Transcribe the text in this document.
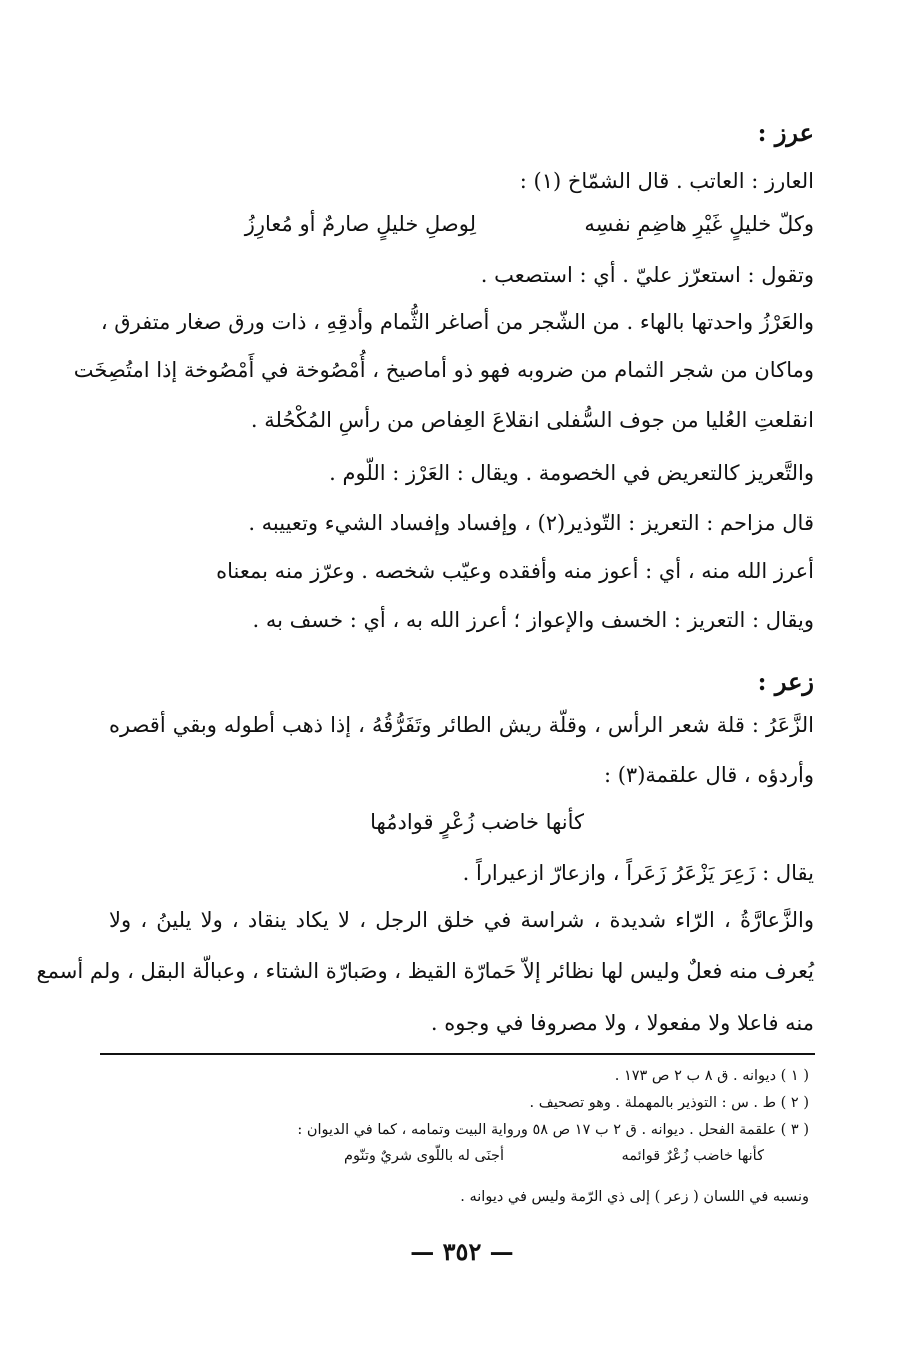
عرز :
العارز : العاتب . قال الشمّاخ (١) :
وكلّ خليلٍ غَيْرِ هاضِمِ نفسِه
لِوصلِ خليلٍ صارمٌ أو مُعارِزُ
وتقول : استعرّز عليّ . أي : استصعب .
والعَرْزُ واحدتها بالهاء . من الشّجر من أصاغر الثُّمام وأدقِهِ ، ذات ورق صغار متفرق ،
وماكان من شجر الثمام من ضروبه فهو ذو أماصيخ ، أُمْصُوخة في أَمْصُوخة إذا امتُصِخَت
انقلعتِ العُليا من جوف السُّفلى انقلاعَ العِفاص من رأسِ المُكْحُلة .
والتَّعريز كالتعريض في الخصومة . ويقال : العَرْز : اللّوم .
قال مزاحم : التعريز : التّوذير(٢) ، وإفساد وإفساد الشيء وتعييبه .
أعرز الله منه ، أي : أعوز منه وأفقده وعيّب شخصه . وعرّز منه بمعناه
ويقال : التعريز : الخسف والإعواز ؛ أعرز الله به ، أي : خسف به .
زعر :
الزَّعَرُ : قلة شعر الرأس ، وقلّة ريش الطائر وتَفَرُّقُهُ ، إذا ذهب أطوله وبقي أقصره
وأردؤه ، قال علقمة(٣) :
كأنها خاضب زُعْرٍ قوادمُها
يقال : زَعِرَ يَزْعَرُ زَعَراً ، وازعارّ ازعيراراً .
والزَّعارَّةُ ، الرّاء شديدة ، شراسة في خلق الرجل ، لا يكاد ينقاد ، ولا يلينُ ، ولا
يُعرف منه فعلٌ وليس لها نظائر إلاّ حَمارّة القيظ ، وصَبارّة الشتاء ، وعبالّة البقل ، ولم أسمع
منه فاعلا ولا مفعولا ، ولا مصروفا في وجوه .
( ١ ) ديوانه . ق ٨ ب ٢ ص ١٧٣ .
( ٢ ) ط . س : التوذير بالمهملة . وهو تصحيف .
( ٣ ) علقمة الفحل . ديوانه . ق ٢ ب ١٧ ص ٥٨ ورواية البيت وتمامه ، كما في الديوان :
كأنها خاضب زُعْرٌ قوائمه
أجنَى له باللّوى شريٌ وتنّوم
ونسبه في اللسان ( زعر ) إلى ذي الرّمة وليس في ديوانه .
— ٣٥٢ —
